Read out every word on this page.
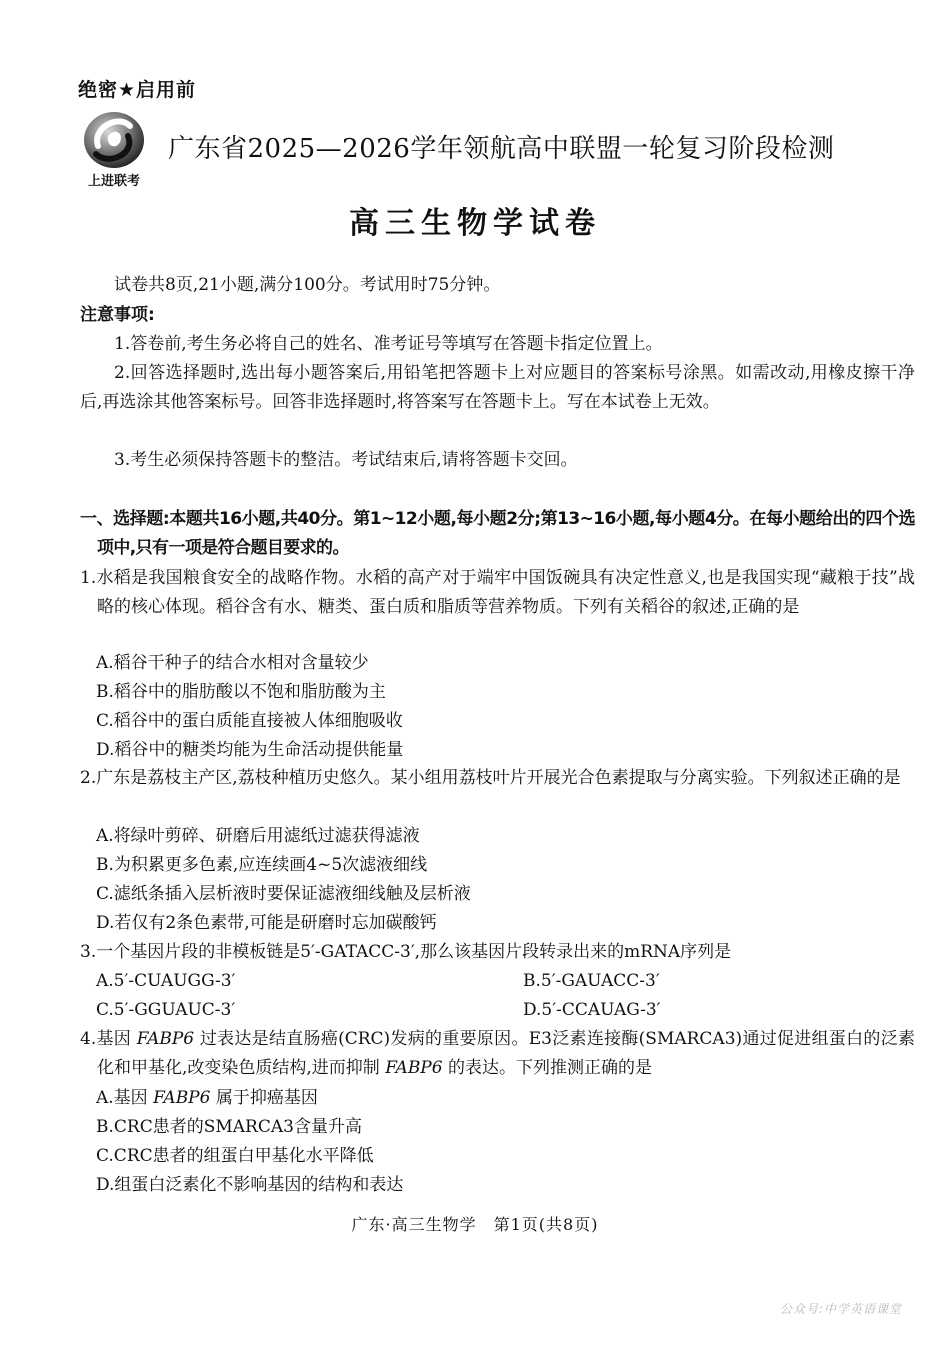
绝密★启用前
上进联考
广东省2025—2026学年领航高中联盟一轮复习阶段检测
高三生物学试卷
试卷共8页,21小题,满分100分。考试用时75分钟。
注意事项:
1.答卷前,考生务必将自己的姓名、准考证号等填写在答题卡指定位置上。
2.回答选择题时,选出每小题答案后,用铅笔把答题卡上对应题目的答案标号涂黑。如需改动,用橡皮擦干净后,再选涂其他答案标号。回答非选择题时,将答案写在答题卡上。写在本试卷上无效。
3.考生必须保持答题卡的整洁。考试结束后,请将答题卡交回。
一、选择题:本题共16小题,共40分。第1~12小题,每小题2分;第13~16小题,每小题4分。在每小题给出的四个选项中,只有一项是符合题目要求的。
1.水稻是我国粮食安全的战略作物。水稻的高产对于端牢中国饭碗具有决定性意义,也是我国实现“藏粮于技”战略的核心体现。稻谷含有水、糖类、蛋白质和脂质等营养物质。下列有关稻谷的叙述,正确的是
A.稻谷干种子的结合水相对含量较少
B.稻谷中的脂肪酸以不饱和脂肪酸为主
C.稻谷中的蛋白质能直接被人体细胞吸收
D.稻谷中的糖类均能为生命活动提供能量
2.广东是荔枝主产区,荔枝种植历史悠久。某小组用荔枝叶片开展光合色素提取与分离实验。下列叙述正确的是
A.将绿叶剪碎、研磨后用滤纸过滤获得滤液
B.为积累更多色素,应连续画4~5次滤液细线
C.滤纸条插入层析液时要保证滤液细线触及层析液
D.若仅有2条色素带,可能是研磨时忘加碳酸钙
3.一个基因片段的非模板链是5′-GATACC-3′,那么该基因片段转录出来的mRNA序列是
A.5′-CUAUGG-3′	B.5′-GAUACC-3′
C.5′-GGUAUC-3′	D.5′-CCAUAG-3′
4.基因 FABP6 过表达是结直肠癌(CRC)发病的重要原因。E3泛素连接酶(SMARCA3)通过促进组蛋白的泛素化和甲基化,改变染色质结构,进而抑制 FABP6 的表达。下列推测正确的是
A.基因 FABP6 属于抑癌基因
B.CRC患者的SMARCA3含量升高
C.CRC患者的组蛋白甲基化水平降低
D.组蛋白泛素化不影响基因的结构和表达
广东·高三生物学　第1页(共8页)
公众号:中学英语课堂
